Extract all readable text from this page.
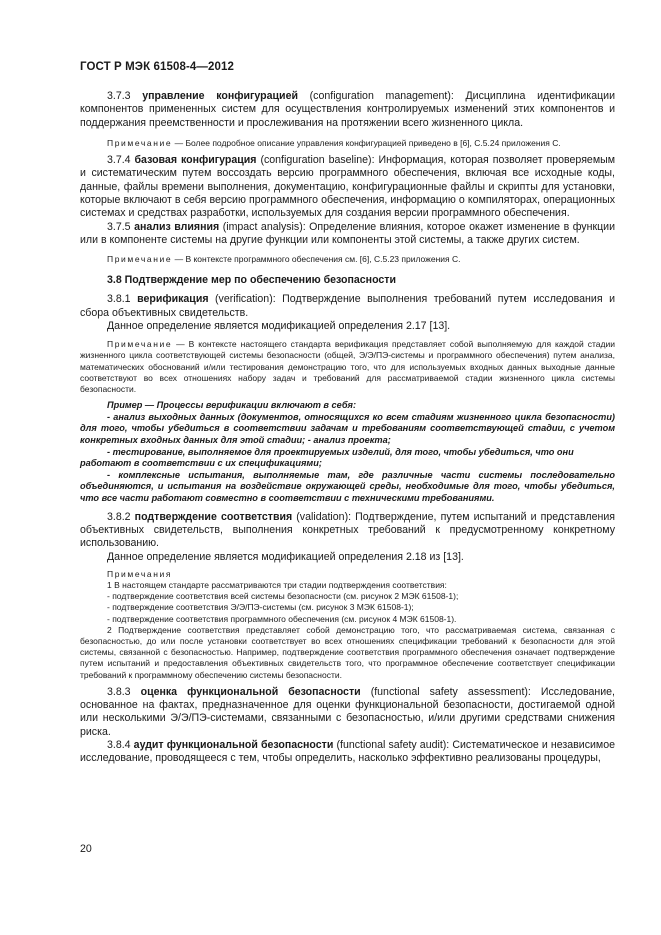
ГОСТ Р МЭК 61508-4—2012

3.7.3 управление конфигурацией (configuration management): Дисциплина идентификации компонентов примененных систем для осуществления контролируемых изменений этих компонентов и поддержания преемственности и прослеживания на протяжении всего жизненного цикла.

Примечание — Более подробное описание управления конфигурацией приведено в [6], С.5.24 приложения С.

3.7.4 базовая конфигурация (configuration baseline): Информация, которая позволяет проверяемым и систематическим путем воссоздать версию программного обеспечения, включая все исходные коды, данные, файлы времени выполнения, документацию, конфигурационные файлы и скрипты для установки, которые включают в себя версию программного обеспечения, информацию о компиляторах, операционных системах и средствах разработки, используемых для создания версии программного обеспечения.

3.7.5 анализ влияния (impact analysis): Определение влияния, которое окажет изменение в функции или в компоненте системы на другие функции или компоненты этой системы, а также других систем.

Примечание — В контексте программного обеспечения см. [6], С.5.23 приложения С.

3.8 Подтверждение мер по обеспечению безопасности

3.8.1 верификация (verification): Подтверждение выполнения требований путем исследования и сбора объективных свидетельств.

Данное определение является модификацией определения 2.17 [13].

Примечание — В контексте настоящего стандарта верификация представляет собой выполняемую для каждой стадии жизненного цикла соответствующей системы безопасности (общей, Э/Э/ПЭ-системы и программного обеспечения) путем анализа, математических обоснований и/или тестирования демонстрацию того, что для используемых входных данных выходные данные соответствуют во всех отношениях набору задач и требований для рассматриваемой стадии жизненного цикла системы безопасности.

Пример — Процессы верификации включают в себя:

- анализ выходных данных (документов, относящихся ко всем стадиям жизненного цикла безопасности) для того, чтобы убедиться в соответствии задачам и требованиям соответствующей стадии, с учетом конкретных входных данных для этой стадии; - анализ проекта;

- тестирование, выполняемое для проектируемых изделий, для того, чтобы убедиться, что они работают в соответствии с их спецификациями;

- комплексные испытания, выполняемые там, где различные части системы последовательно объединяются, и испытания на воздействие окружающей среды, необходимые для того, чтобы убедиться, что все части работают совместно в соответствии с техническими требованиями.

3.8.2 подтверждение соответствия (validation): Подтверждение, путем испытаний и представления объективных свидетельств, выполнения конкретных требований к предусмотренному конкретному использованию.

Данное определение является модификацией определения 2.18 из [13].

Примечания

1 В настоящем стандарте рассматриваются три стадии подтверждения соответствия:

- подтверждение соответствия всей системы безопасности (см. рисунок 2 МЭК 61508-1);

- подтверждение соответствия Э/Э/ПЭ-системы (см. рисунок 3 МЭК 61508-1);

- подтверждение соответствия программного обеспечения (см. рисунок 4 МЭК 61508-1).

2 Подтверждение соответствия представляет собой демонстрацию того, что рассматриваемая система, связанная с безопасностью, до или после установки соответствует во всех отношениях спецификации требований к безопасности для этой системы, связанной с безопасностью. Например, подтверждение соответствия программного обеспечения означает подтверждение путем испытаний и предоставления объективных свидетельств того, что программное обеспечение соответствует спецификации требований к программному обеспечению системы безопасности.

3.8.3 оценка функциональной безопасности (functional safety assessment): Исследование, основанное на фактах, предназначенное для оценки функциональной безопасности, достигаемой одной или несколькими Э/Э/ПЭ-системами, связанными с безопасностью, и/или другими средствами снижения риска.

3.8.4 аудит функциональной безопасности (functional safety audit): Систематическое и независимое исследование, проводящееся с тем, чтобы определить, насколько эффективно реализованы процедуры,

20
